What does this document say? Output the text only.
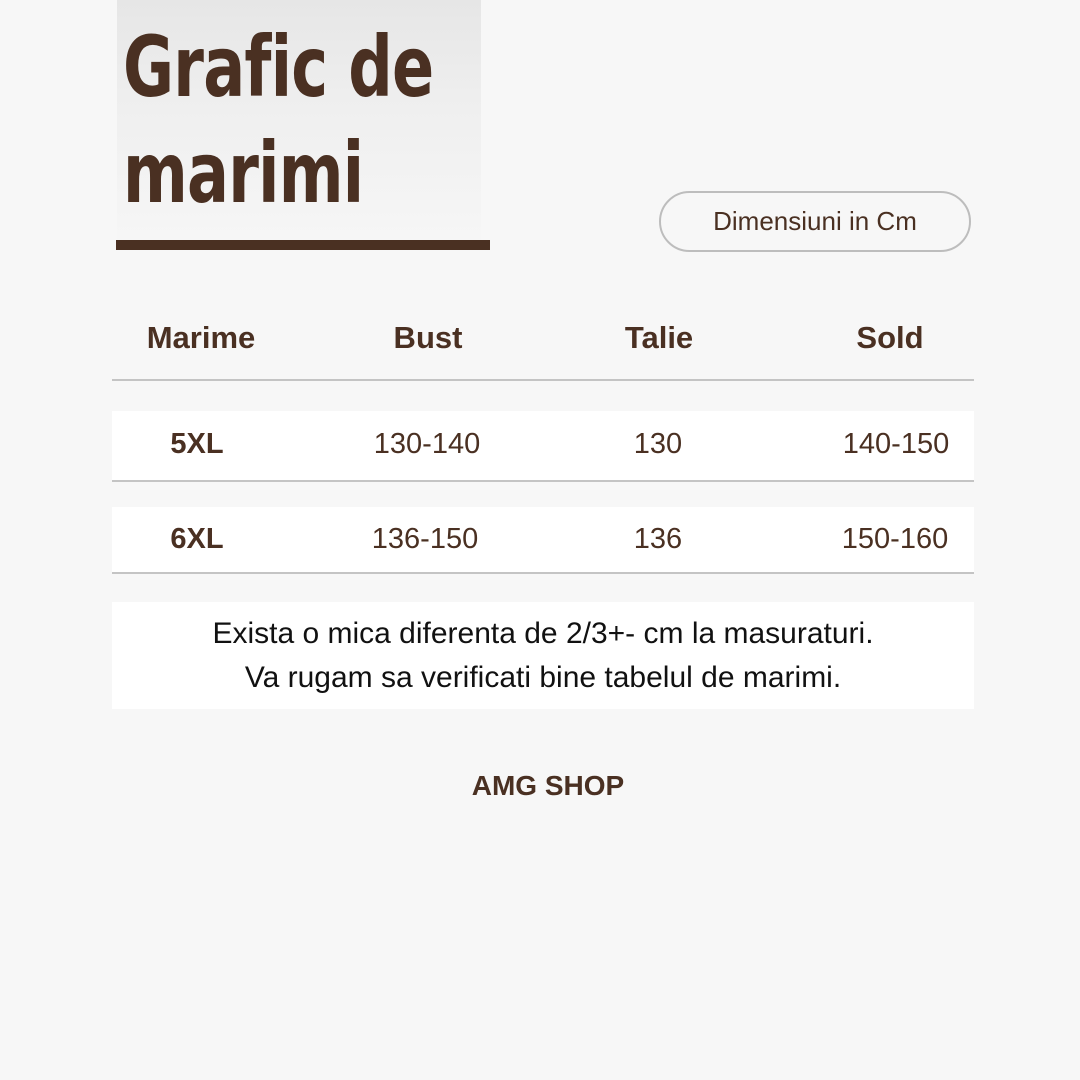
Grafic de
marimi	Dimensiuni in Cm
Marime	Bust	Talie	Sold
5XL	130-140	130	140-150
6XL	136-150	136	150-160
Exista o mica diferenta de 2/3+- cm la masuraturi.
Va rugam sa verificati bine tabelul de marimi.
AMG SHOP
